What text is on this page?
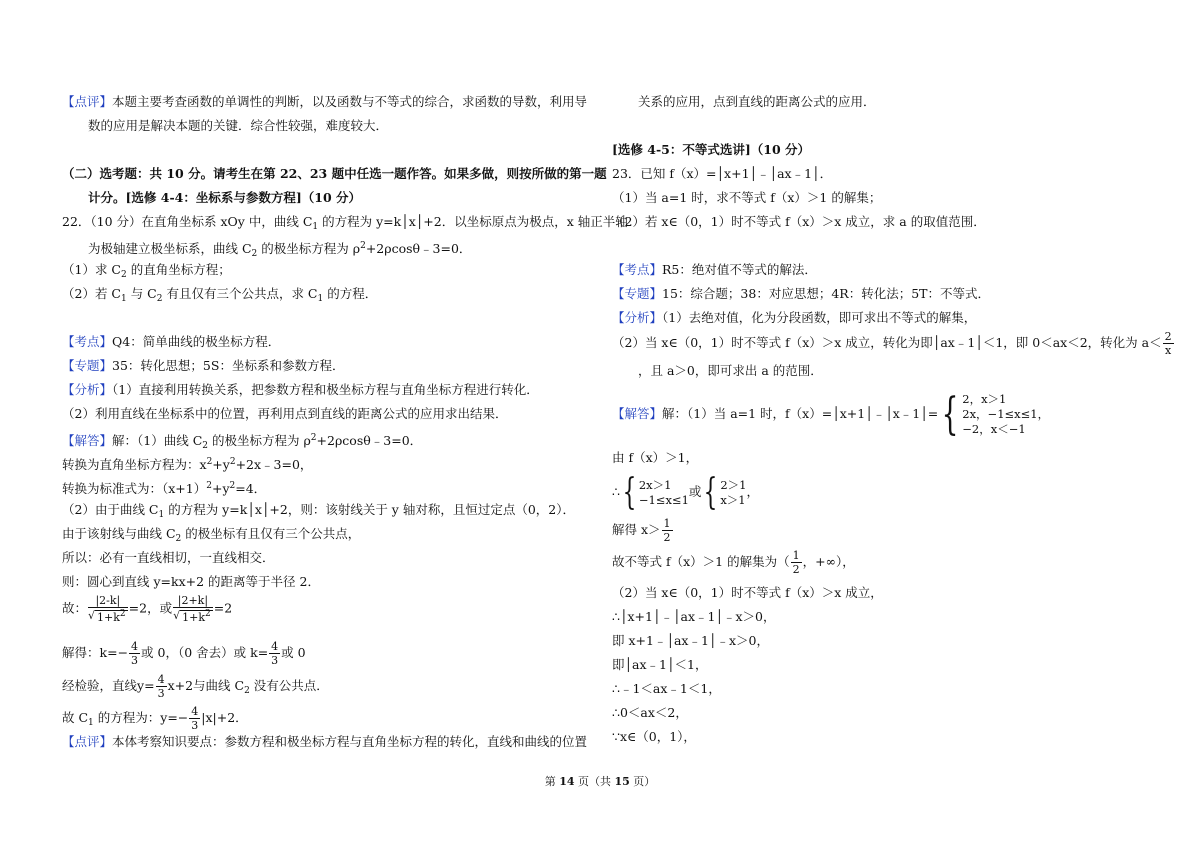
【点评】本题主要考查函数的单调性的判断，以及函数与不等式的综合，求函数的导数，利用导
数的应用是解决本题的关键．综合性较强，难度较大．
（二）选考题：共 10 分。请考生在第 22、23 题中任选一题作答。如果多做，则按所做的第一题
计分。[选修 4-4：坐标系与参数方程]（10 分）
22．（10 分）在直角坐标系 xOy 中，曲线 $C_1$ 的方程为 y=k│x│+2．以坐标原点为极点，x 轴正半轴
为极轴建立极坐标系，曲线 $C_2$ 的极坐标方程为 $\rho^2+2\rho\cos\theta﹣3=0$．
（1）求 $C_2$ 的直角坐标方程；
（2）若 $C_1$ 与 $C_2$ 有且仅有三个公共点，求 $C_1$ 的方程．
【考点】Q4：简单曲线的极坐标方程．
【专题】35：转化思想；5S：坐标系和参数方程．
【分析】（1）直接利用转换关系，把参数方程和极坐标方程与直角坐标方程进行转化．
（2）利用直线在坐标系中的位置，再利用点到直线的距离公式的应用求出结果．
【解答】解：（1）曲线 $C_2$ 的极坐标方程为 $\rho^2+2\rho\cos\theta﹣3=0$．
转换为直角坐标方程为：$x^2+y^2+2x﹣3=0$，
转换为标准式为：$(x+1)^2+y^2=4$．
（2）由于曲线 $C_1$ 的方程为 y=k│x│+2，则：该射线关于 y 轴对称，且恒过定点（0，2）．
由于该射线与曲线 $C_2$ 的极坐标有且仅有三个公共点，
所以：必有一直线相切，一直线相交．
则：圆心到直线 y=kx+2 的距离等于半径 2．
故： $\frac{|2-k|}{√ 1+k^2} =2$，或 $\frac{|2+k|}{√ 1+k^2} =2$
解得：$k=- \frac{4}{3}$ 或 0，（0 舍去）或 $k= \frac{4}{3}$ 或 0
经检验，直线$y= \frac{4}{3} x+2$与曲线 $C_2$ 没有公共点．
故 $C_1$ 的方程为：$y=- \frac{4}{3} |x|+2$．
【点评】本体考察知识要点：参数方程和极坐标方程与直角坐标方程的转化，直线和曲线的位置
关系的应用，点到直线的距离公式的应用．
[选修 4-5：不等式选讲]（10 分）
23．已知 f（x）=│x+1│﹣│ax﹣1│．
（1）当 a=1 时，求不等式 f（x）＞1 的解集；
（2）若 x∈（0，1）时不等式 f（x）＞x 成立，求 a 的取值范围．
【考点】R5：绝对值不等式的解法．
【专题】15：综合题；38：对应思想；4R：转化法；5T：不等式．
【分析】（1）去绝对值，化为分段函数，即可求出不等式的解集，
（2）当 x∈（0，1）时不等式 f（x）＞x 成立，转化为即│ax﹣1│＜1，即 0＜ax＜2，转化为 $a< \frac{2}{x}$
，且 a＞0，即可求出 a 的范围．
【解答】解：（1）当 a=1 时，f（x）=│x+1│﹣│x﹣1│={ 2，x＞1
2x，−1≤x≤1，
−2，x＜−1
由 f（x）＞1，
∴{ 2x＞1
−1≤x≤1
或{ 2＞1
x＞1
，
解得 $x> \frac{1}{2}$
故不等式 f（x）＞1 的解集为（ $\frac{1}{2}$ ，+∞），
（2）当 x∈（0，1）时不等式 f（x）＞x 成立，
∴│x+1│﹣│ax﹣1│﹣x＞0，
即 x+1﹣│ax﹣1│﹣x＞0，
即│ax﹣1│＜1，
∴﹣1＜ax﹣1＜1，
∴0＜ax＜2，
∵x∈（0，1），
第 14 页（共 15 页）
